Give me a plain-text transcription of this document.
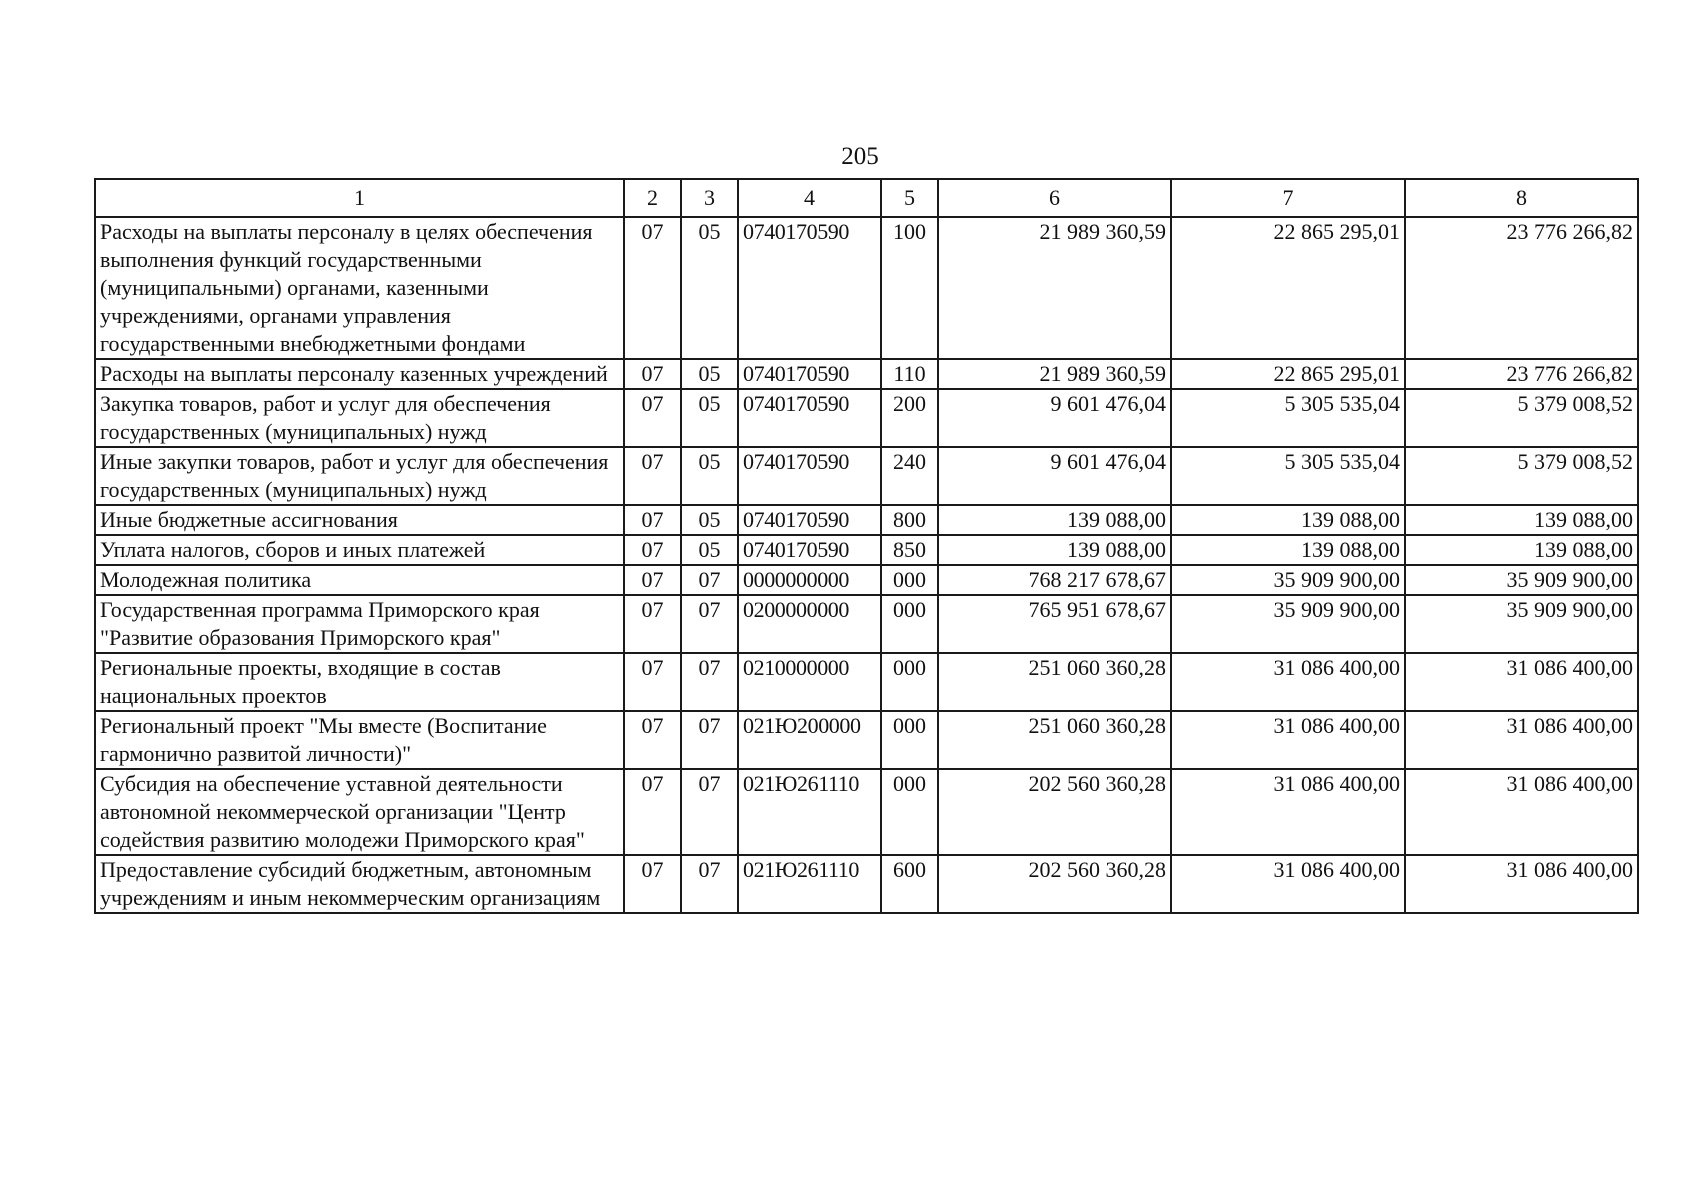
205
1	2	3	4	5	6	7	8
Расходы на выплаты персоналу в целях обеспечения выполнения функций государственными (муниципальными) органами, казенными учреждениями, органами управления государственными внебюджетными фондами	07	05	0740170590	100	21 989 360,59	22 865 295,01	23 776 266,82
Расходы на выплаты персоналу казенных учреждений	07	05	0740170590	110	21 989 360,59	22 865 295,01	23 776 266,82
Закупка товаров, работ и услуг для обеспечения государственных (муниципальных) нужд	07	05	0740170590	200	9 601 476,04	5 305 535,04	5 379 008,52
Иные закупки товаров, работ и услуг для обеспечения государственных (муниципальных) нужд	07	05	0740170590	240	9 601 476,04	5 305 535,04	5 379 008,52
Иные бюджетные ассигнования	07	05	0740170590	800	139 088,00	139 088,00	139 088,00
Уплата налогов, сборов и иных платежей	07	05	0740170590	850	139 088,00	139 088,00	139 088,00
Молодежная политика	07	07	0000000000	000	768 217 678,67	35 909 900,00	35 909 900,00
Государственная программа Приморского края "Развитие образования Приморского края"	07	07	0200000000	000	765 951 678,67	35 909 900,00	35 909 900,00
Региональные проекты, входящие в состав национальных проектов	07	07	0210000000	000	251 060 360,28	31 086 400,00	31 086 400,00
Региональный проект "Мы вместе (Воспитание гармонично развитой личности)"	07	07	021Ю200000	000	251 060 360,28	31 086 400,00	31 086 400,00
Субсидия на обеспечение уставной деятельности автономной некоммерческой организации "Центр содействия развитию молодежи Приморского края"	07	07	021Ю261110	000	202 560 360,28	31 086 400,00	31 086 400,00
Предоставление субсидий бюджетным, автономным учреждениям и иным некоммерческим организациям	07	07	021Ю261110	600	202 560 360,28	31 086 400,00	31 086 400,00
